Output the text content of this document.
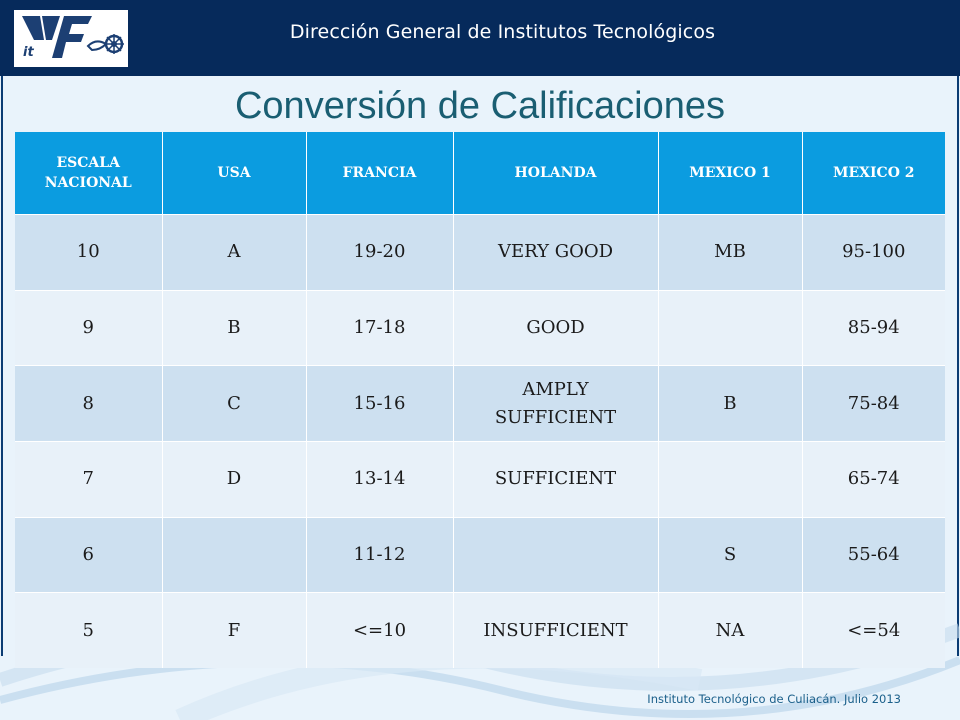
it
Dirección General de Institutos Tecnológicos
Conversión de Calificaciones
ESCALA NACIONAL	USA	FRANCIA	HOLANDA	MEXICO 1	MEXICO 2
10	A	19-20	VERY GOOD	MB	95-100
9	B	17-18	GOOD		85-94
8	C	15-16	AMPLY SUFFICIENT	B	75-84
7	D	13-14	SUFFICIENT		65-74
6		11-12		S	55-64
5	F	<=10	INSUFFICIENT	NA	<=54
Instituto Tecnológico de Culiacán. Julio 2013
